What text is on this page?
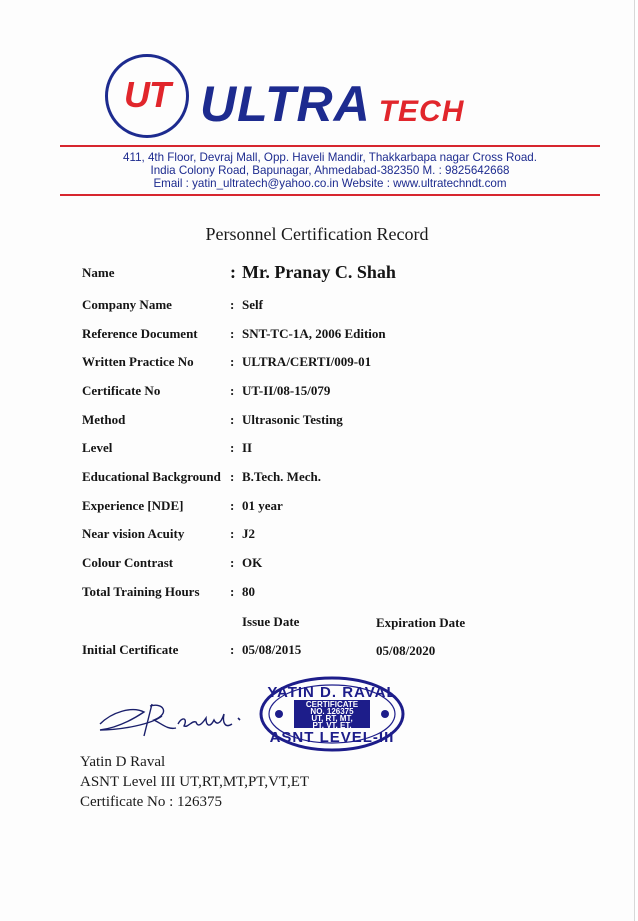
UT ULTRA TECH
411, 4th Floor, Devraj Mall, Opp. Haveli Mandir, Thakkarbapa nagar Cross Road.
India Colony Road, Bapunagar, Ahmedabad-382350 M. : 9825642668
Email : yatin_ultratech@yahoo.co.in Website : www.ultratechndt.com
Personnel Certification Record
Name	: Mr. Pranay C. Shah
Company Name	: Self
Reference Document : SNT-TC-1A, 2006 Edition
Written Practice No	: ULTRA/CERTI/009-01
Certificate No	: UT-II/08-15/079
Method	: Ultrasonic Testing
Level	: II
Educational Background : B.Tech. Mech.
Experience [NDE]	: 01 year
Near vision Acuity	: J2
Colour Contrast	: OK
Total Training Hours : 80
Issue Date	Expiration Date
Initial Certificate	: 05/08/2015	05/08/2020
YATIN D. RAVAL
CERTIFICATE
NO. 126375
UT, RT, MT,
PT, VT, ET.
ASNT LEVEL-III
Yatin D Raval
ASNT Level III UT,RT,MT,PT,VT,ET
Certificate No : 126375
